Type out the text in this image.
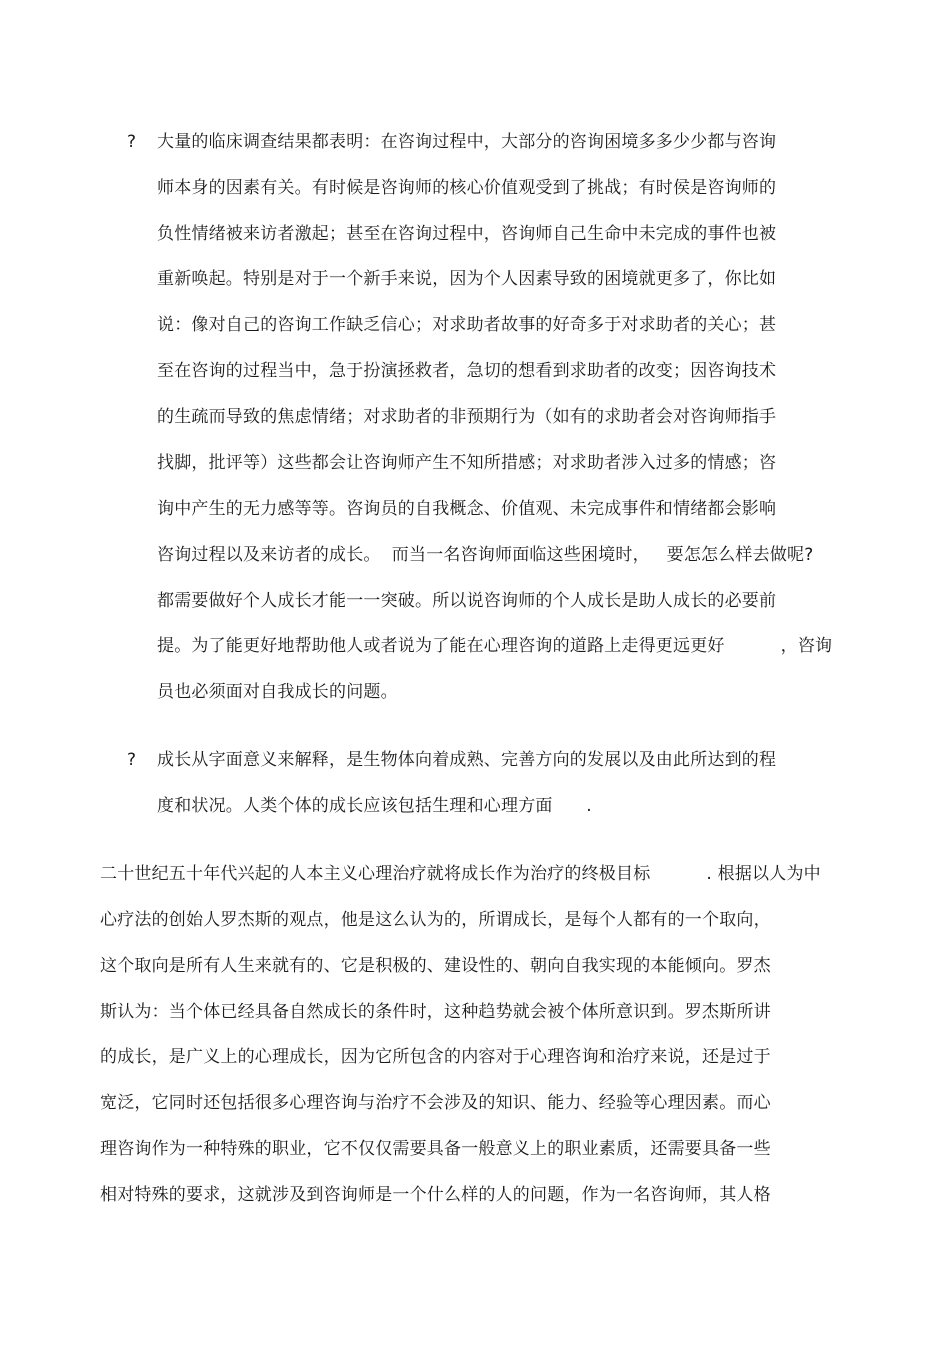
? 大量的临床调查结果都表明：在咨询过程中，大部分的咨询困境多多少少都与咨询
师本身的因素有关。有时候是咨询师的核心价值观受到了挑战；有时侯是咨询师的
负性情绪被来访者激起；甚至在咨询过程中，咨询师自己生命中未完成的事件也被
重新唤起。特别是对于一个新手来说，因为个人因素导致的困境就更多了，你比如
说：像对自己的咨询工作缺乏信心；对求助者故事的好奇多于对求助者的关心；甚
至在咨询的过程当中，急于扮演拯救者，急切的想看到求助者的改变；因咨询技术
的生疏而导致的焦虑情绪；对求助者的非预期行为（如有的求助者会对咨询师指手
找脚，批评等）这些都会让咨询师产生不知所措感；对求助者涉入过多的情感；咨
询中产生的无力感等等。咨询员的自我概念、价值观、未完成事件和情绪都会影响
咨询过程以及来访者的成长。  而当一名咨询师面临这些困境时，   要怎怎么样去做呢?
都需要做好个人成长才能一一突破。所以说咨询师的个人成长是助人成长的必要前
提。为了能更好地帮助他人或者说为了能在心理咨询的道路上走得更远更好          ，咨询
员也必须面对自我成长的问题。
? 成长从字面意义来解释，是生物体向着成熟、完善方向的发展以及由此所达到的程
度和状况。人类个体的成长应该包括生理和心理方面      .
二十世纪五十年代兴起的人本主义心理治疗就将成长作为治疗的终极目标          . 根据以人为中
心疗法的创始人罗杰斯的观点，他是这么认为的，所谓成长，是每个人都有的一个取向，
这个取向是所有人生来就有的、它是积极的、建设性的、朝向自我实现的本能倾向。罗杰
斯认为：当个体已经具备自然成长的条件时，这种趋势就会被个体所意识到。罗杰斯所讲
的成长，是广义上的心理成长，因为它所包含的内容对于心理咨询和治疗来说，还是过于
宽泛，它同时还包括很多心理咨询与治疗不会涉及的知识、能力、经验等心理因素。而心
理咨询作为一种特殊的职业，它不仅仅需要具备一般意义上的职业素质，还需要具备一些
相对特殊的要求，这就涉及到咨询师是一个什么样的人的问题，作为一名咨询师，其人格
